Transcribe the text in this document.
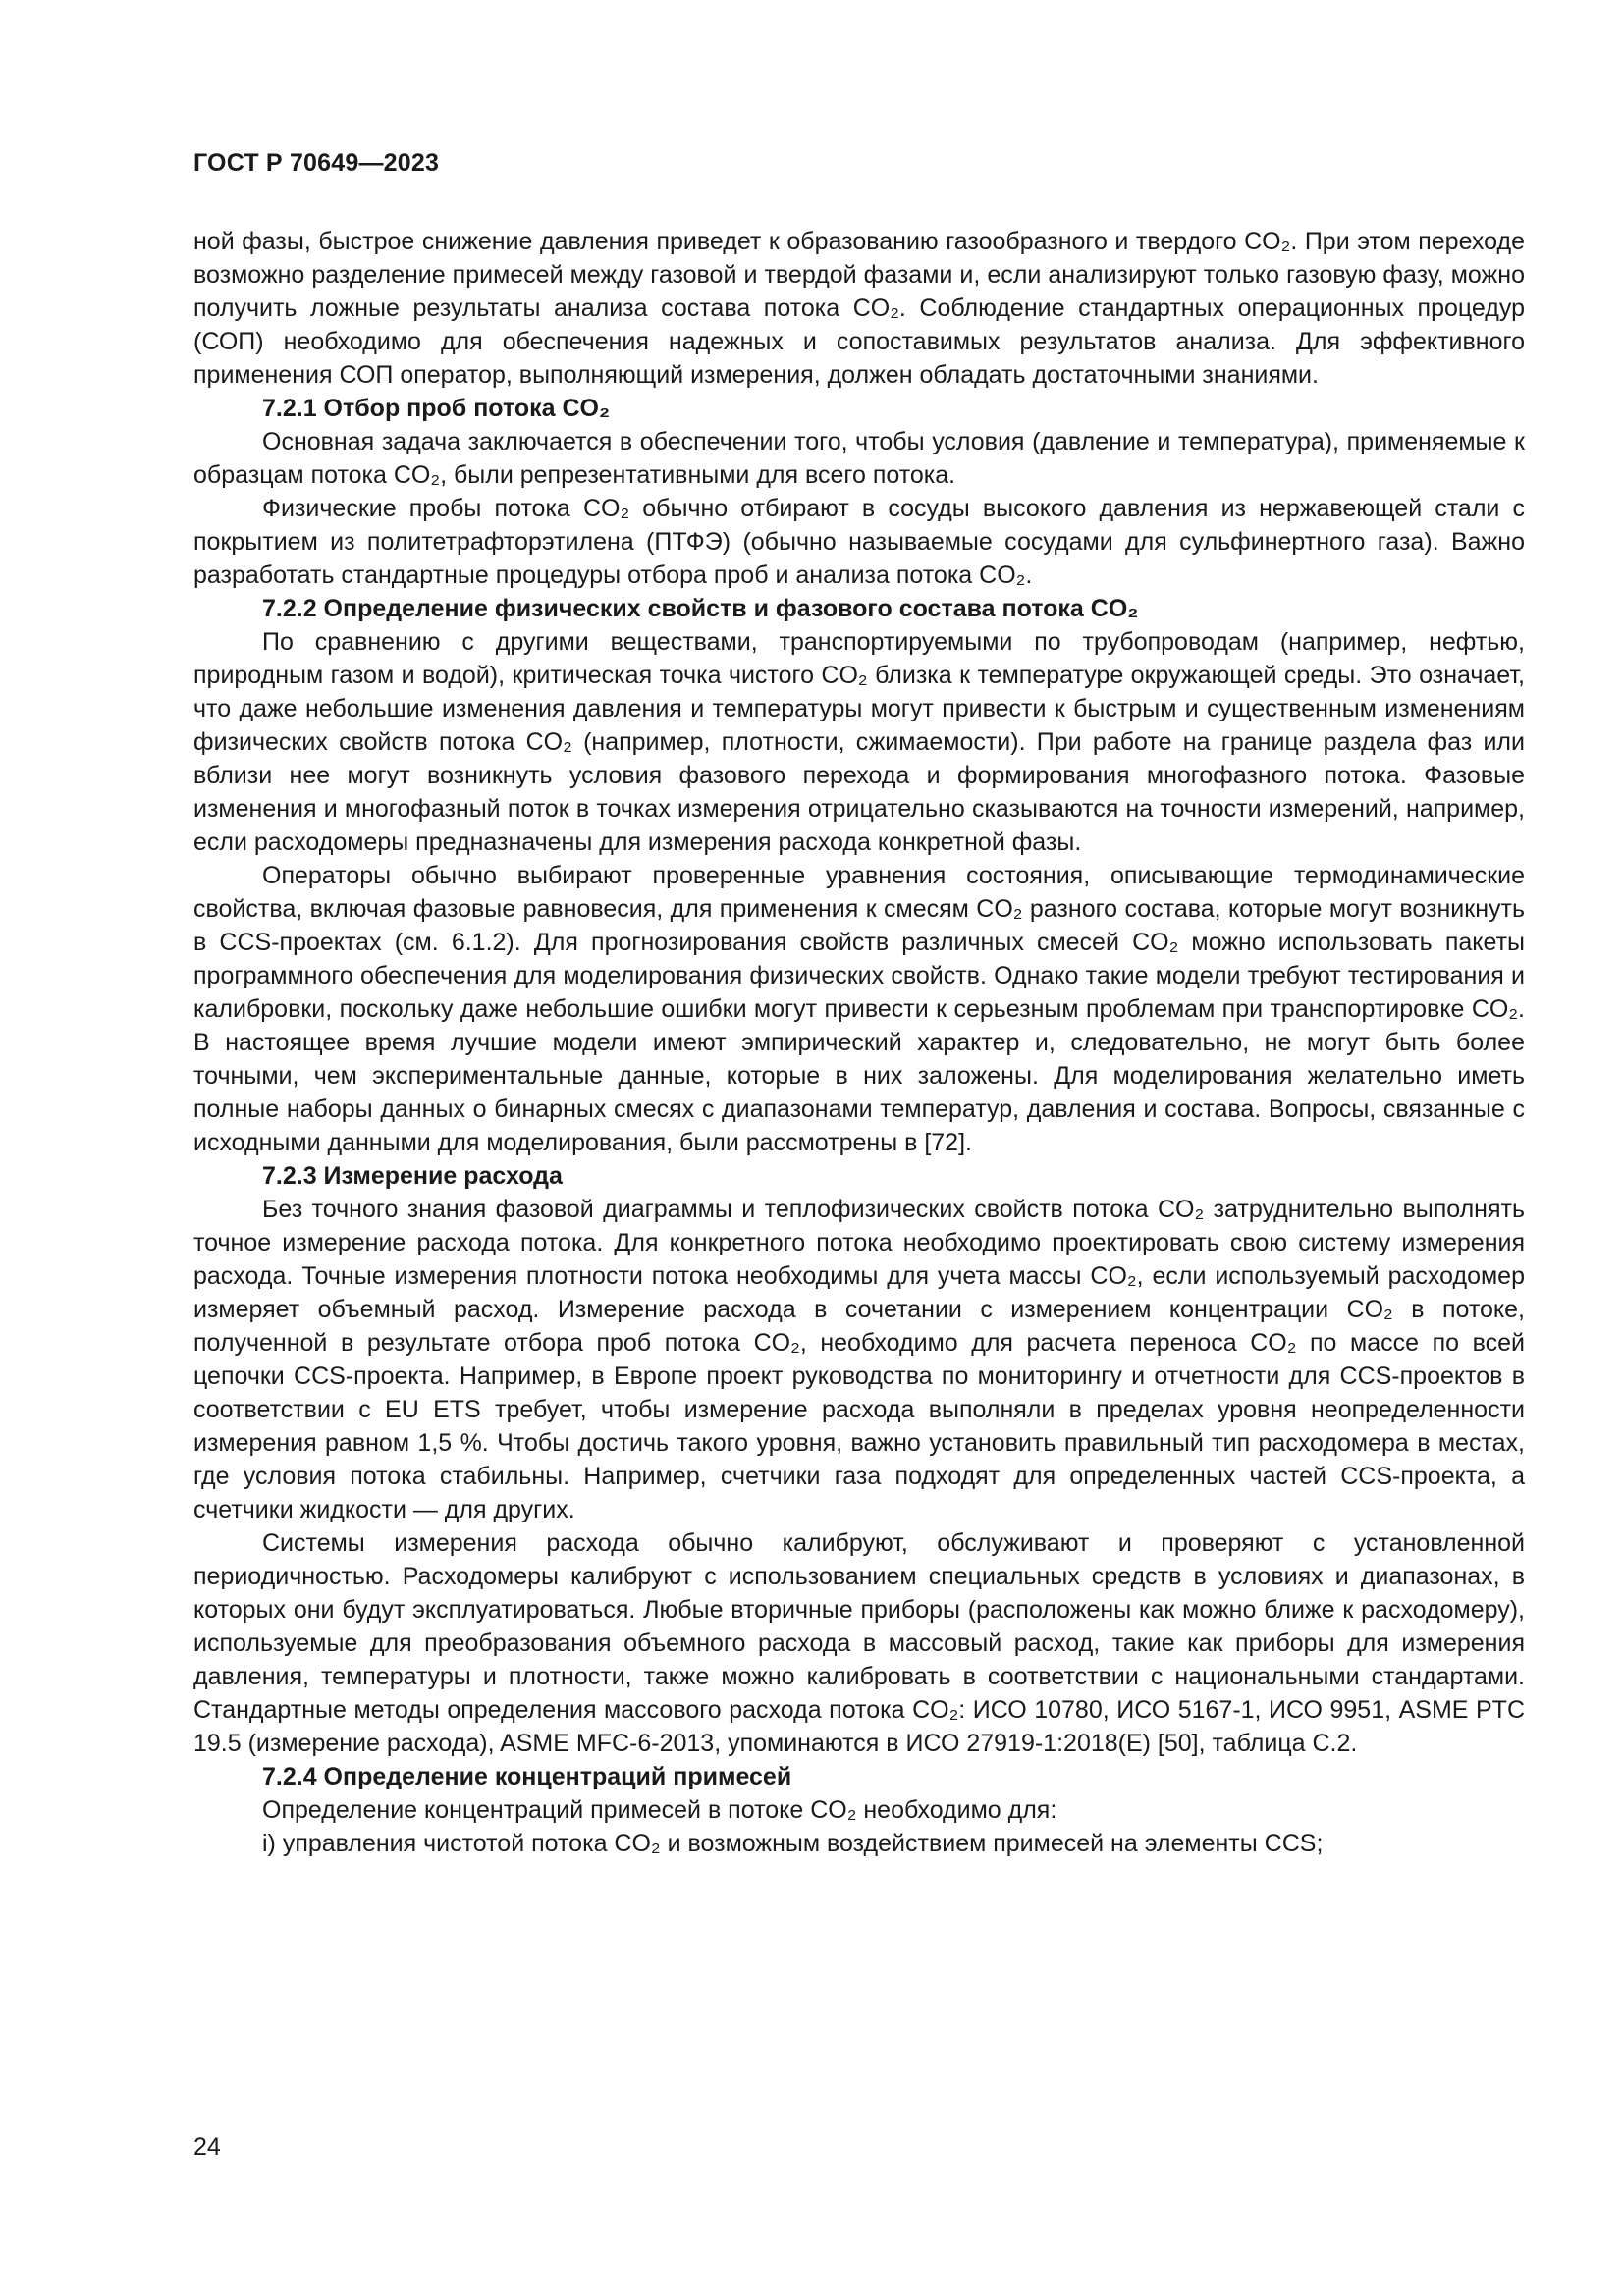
ГОСТ Р 70649—2023

ной фазы, быстрое снижение давления приведет к образованию газообразного и твердого CO₂. При этом переходе возможно разделение примесей между газовой и твердой фазами и, если анализируют только газовую фазу, можно получить ложные результаты анализа состава потока CO₂. Соблюдение стандартных операционных процедур (СОП) необходимо для обеспечения надежных и сопоставимых результатов анализа. Для эффективного применения СОП оператор, выполняющий измерения, должен обладать достаточными знаниями.

7.2.1 Отбор проб потока CO₂

Основная задача заключается в обеспечении того, чтобы условия (давление и температура), применяемые к образцам потока CO₂, были репрезентативными для всего потока.

Физические пробы потока CO₂ обычно отбирают в сосуды высокого давления из нержавеющей стали с покрытием из политетрафторэтилена (ПТФЭ) (обычно называемые сосудами для сульфинертного газа). Важно разработать стандартные процедуры отбора проб и анализа потока CO₂.

7.2.2 Определение физических свойств и фазового состава потока CO₂

По сравнению с другими веществами, транспортируемыми по трубопроводам (например, нефтью, природным газом и водой), критическая точка чистого CO₂ близка к температуре окружающей среды. Это означает, что даже небольшие изменения давления и температуры могут привести к быстрым и существенным изменениям физических свойств потока CO₂ (например, плотности, сжимаемости). При работе на границе раздела фаз или вблизи нее могут возникнуть условия фазового перехода и формирования многофазного потока. Фазовые изменения и многофазный поток в точках измерения отрицательно сказываются на точности измерений, например, если расходомеры предназначены для измерения расхода конкретной фазы.

Операторы обычно выбирают проверенные уравнения состояния, описывающие термодинамические свойства, включая фазовые равновесия, для применения к смесям CO₂ разного состава, которые могут возникнуть в CCS-проектах (см. 6.1.2). Для прогнозирования свойств различных смесей CO₂ можно использовать пакеты программного обеспечения для моделирования физических свойств. Однако такие модели требуют тестирования и калибровки, поскольку даже небольшие ошибки могут привести к серьезным проблемам при транспортировке CO₂. В настоящее время лучшие модели имеют эмпирический характер и, следовательно, не могут быть более точными, чем экспериментальные данные, которые в них заложены. Для моделирования желательно иметь полные наборы данных о бинарных смесях с диапазонами температур, давления и состава. Вопросы, связанные с исходными данными для моделирования, были рассмотрены в [72].

7.2.3 Измерение расхода

Без точного знания фазовой диаграммы и теплофизических свойств потока CO₂ затруднительно выполнять точное измерение расхода потока. Для конкретного потока необходимо проектировать свою систему измерения расхода. Точные измерения плотности потока необходимы для учета массы CO₂, если используемый расходомер измеряет объемный расход. Измерение расхода в сочетании с измерением концентрации CO₂ в потоке, полученной в результате отбора проб потока CO₂, необходимо для расчета переноса CO₂ по массе по всей цепочки CCS-проекта. Например, в Европе проект руководства по мониторингу и отчетности для CCS-проектов в соответствии с EU ETS требует, чтобы измерение расхода выполняли в пределах уровня неопределенности измерения равном 1,5 %. Чтобы достичь такого уровня, важно установить правильный тип расходомера в местах, где условия потока стабильны. Например, счетчики газа подходят для определенных частей CCS-проекта, а счетчики жидкости — для других.

Системы измерения расхода обычно калибруют, обслуживают и проверяют с установленной периодичностью. Расходомеры калибруют с использованием специальных средств в условиях и диапазонах, в которых они будут эксплуатироваться. Любые вторичные приборы (расположены как можно ближе к расходомеру), используемые для преобразования объемного расхода в массовый расход, такие как приборы для измерения давления, температуры и плотности, также можно калибровать в соответствии с национальными стандартами. Стандартные методы определения массового расхода потока CO₂: ИСО 10780, ИСО 5167-1, ИСО 9951, ASME PTC 19.5 (измерение расхода), ASME MFC-6-2013, упоминаются в ИСО 27919-1:2018(E) [50], таблица С.2.

7.2.4 Определение концентраций примесей

Определение концентраций примесей в потоке CO₂ необходимо для:

i) управления чистотой потока CO₂ и возможным воздействием примесей на элементы CCS;

24
